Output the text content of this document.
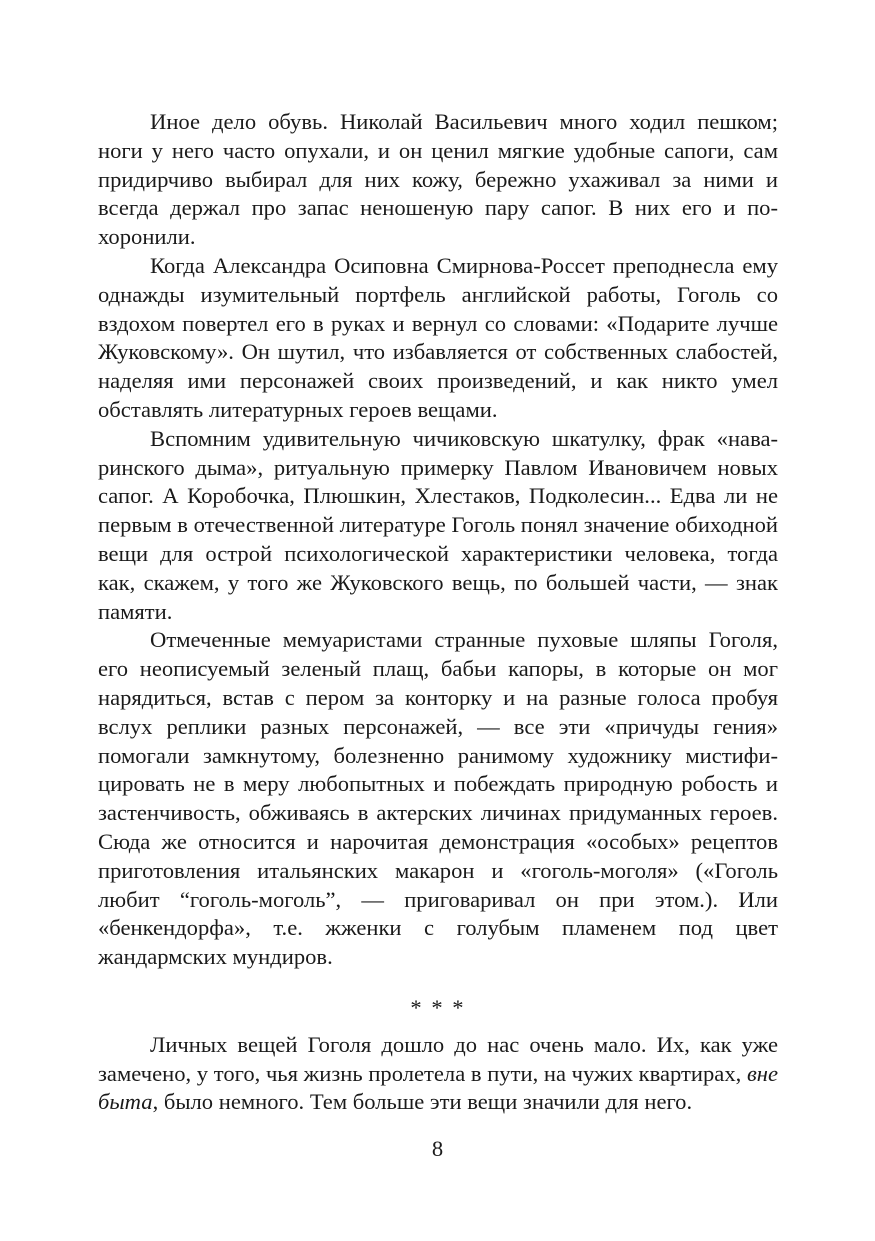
Иное дело обувь. Николай Васильевич много ходил пешком; ноги у него часто опухали, и он ценил мягкие удобные сапоги, сам придирчиво выбирал для них кожу, бережно ухаживал за ними и всегда держал про запас неношеную пару сапог. В них его и похоронили.

Когда Александра Осиповна Смирнова-Россет преподнесла ему однажды изумительный портфель английской работы, Гоголь со вздохом повертел его в руках и вернул со словами: «Подарите лучше Жуковскому». Он шутил, что избавляется от собственных слабостей, наделяя ими персонажей своих произведений, и как никто умел обставлять литературных героев вещами.

Вспомним удивительную чичиковскую шкатулку, фрак «наваринского дыма», ритуальную примерку Павлом Ивановичем новых сапог. А Коробочка, Плюшкин, Хлестаков, Подколесин... Едва ли не первым в отечественной литературе Гоголь понял значение обиходной вещи для острой психологической характеристики человека, тогда как, скажем, у того же Жуковского вещь, по большей части, — знак памяти.

Отмеченные мемуаристами странные пуховые шляпы Гоголя, его неописуемый зеленый плащ, бабьи капоры, в которые он мог нарядиться, встав с пером за конторку и на разные голоса пробуя вслух реплики разных персонажей, — все эти «причуды гения» помогали замкнутому, болезненно ранимому художнику мистифицировать не в меру любопытных и побеждать природную робость и застенчивость, обживаясь в актерских личинах придуманных героев. Сюда же относится и нарочитая демонстрация «особых» рецептов приготовления итальянских макарон и «гоголь-моголя» («Гоголь любит “гоголь-моголь”, — приговаривал он при этом.). Или «бенкендорфа», т.е. жженки с голубым пламенем под цвет жандармских мундиров.

* * *

Личных вещей Гоголя дошло до нас очень мало. Их, как уже замечено, у того, чья жизнь пролетела в пути, на чужих квартирах, вне быта, было немного. Тем больше эти вещи значили для него.

8
